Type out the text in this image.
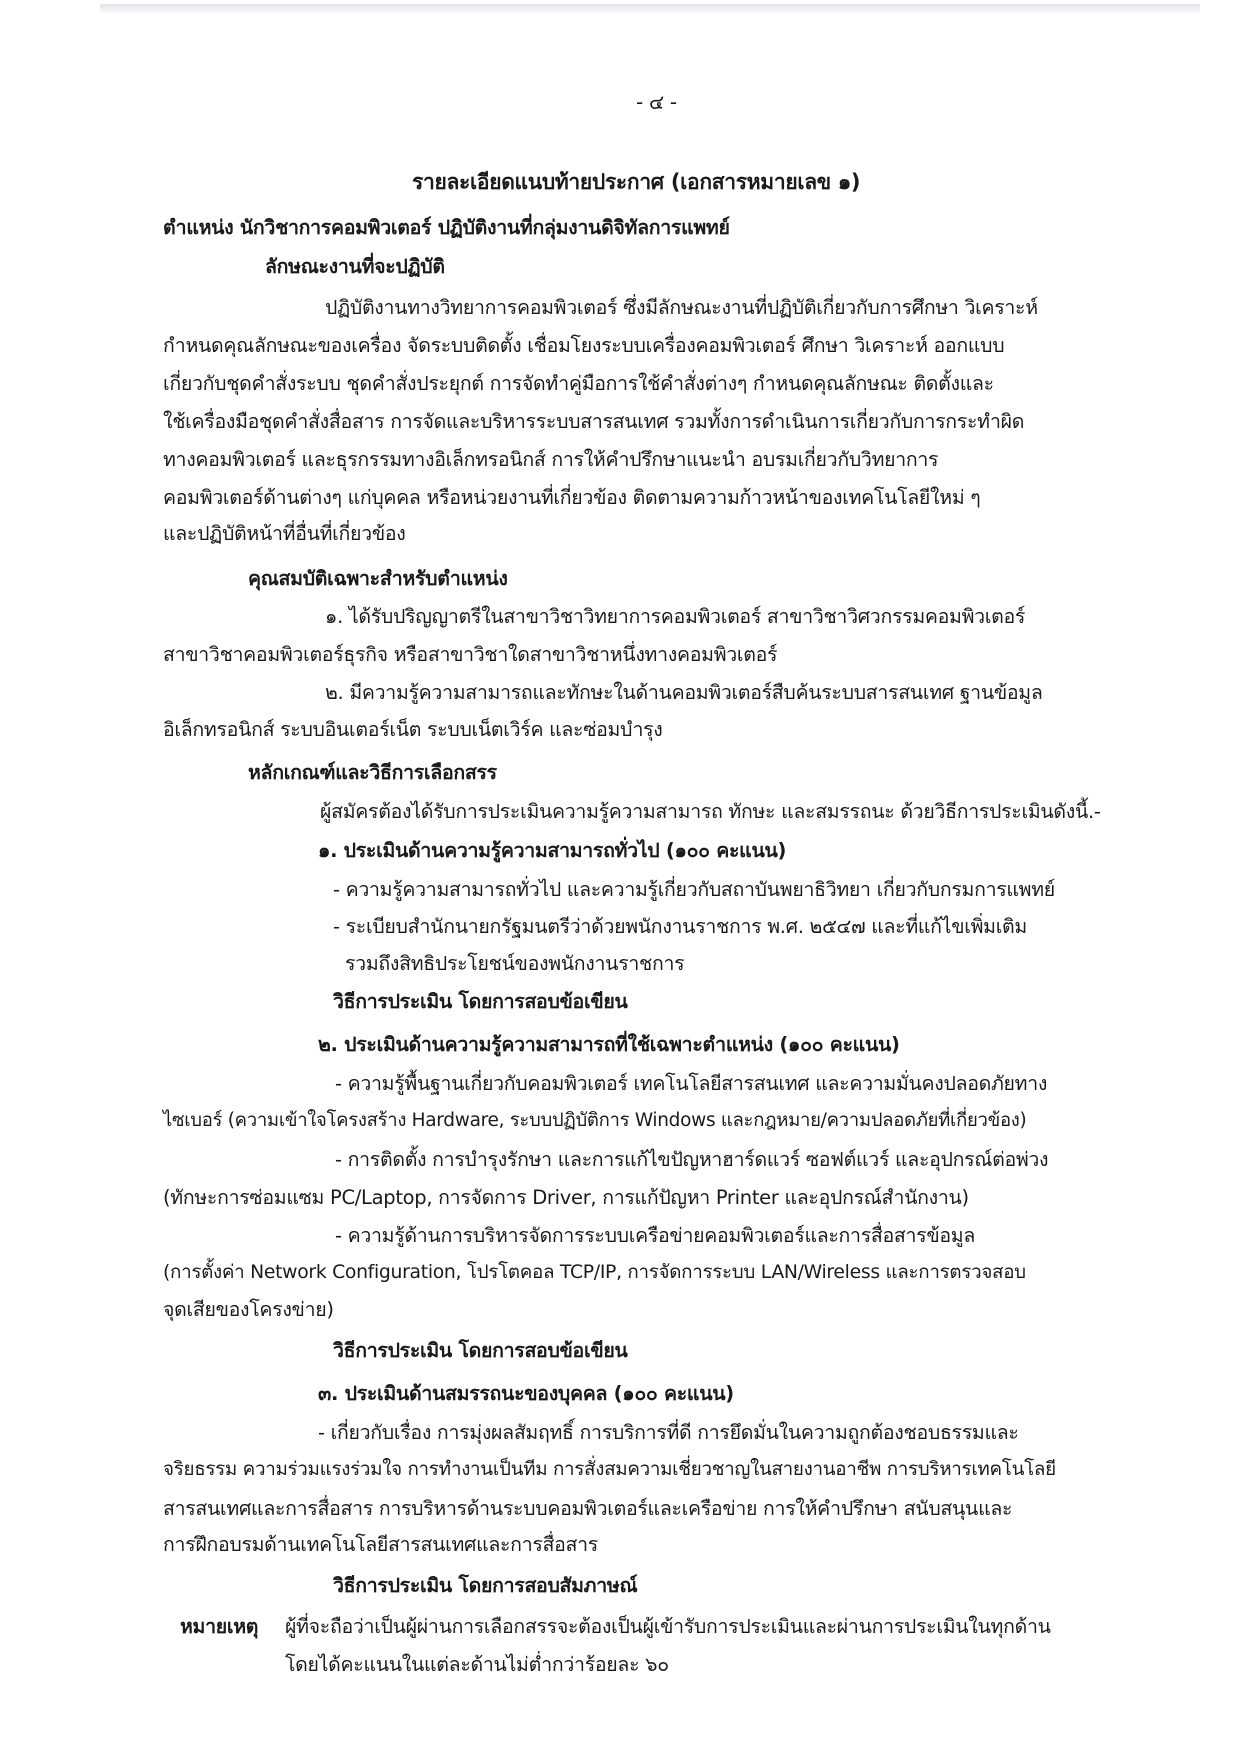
- ๔ -
รายละเอียดแนบท้ายประกาศ (เอกสารหมายเลข ๑)
ตำแหน่ง นักวิชาการคอมพิวเตอร์ ปฏิบัติงานที่กลุ่มงานดิจิทัลการแพทย์
ลักษณะงานที่จะปฏิบัติ
ปฏิบัติงานทางวิทยาการคอมพิวเตอร์ ซึ่งมีลักษณะงานที่ปฏิบัติเกี่ยวกับการศึกษา วิเคราะห์
กำหนดคุณลักษณะของเครื่อง จัดระบบติดตั้ง เชื่อมโยงระบบเครื่องคอมพิวเตอร์ ศึกษา วิเคราะห์ ออกแบบ
เกี่ยวกับชุดคำสั่งระบบ ชุดคำสั่งประยุกต์ การจัดทำคู่มือการใช้คำสั่งต่างๆ กำหนดคุณลักษณะ ติดตั้งและ
ใช้เครื่องมือชุดคำสั่งสื่อสาร การจัดและบริหารระบบสารสนเทศ รวมทั้งการดำเนินการเกี่ยวกับการกระทำผิด
ทางคอมพิวเตอร์ และธุรกรรมทางอิเล็กทรอนิกส์ การให้คำปรึกษาแนะนำ อบรมเกี่ยวกับวิทยาการ
คอมพิวเตอร์ด้านต่างๆ แก่บุคคล หรือหน่วยงานที่เกี่ยวข้อง ติดตามความก้าวหน้าของเทคโนโลยีใหม่ ๆ
และปฏิบัติหน้าที่อื่นที่เกี่ยวข้อง
คุณสมบัติเฉพาะสำหรับตำแหน่ง
๑. ได้รับปริญญาตรีในสาขาวิชาวิทยาการคอมพิวเตอร์ สาขาวิชาวิศวกรรมคอมพิวเตอร์
สาขาวิชาคอมพิวเตอร์ธุรกิจ หรือสาขาวิชาใดสาขาวิชาหนึ่งทางคอมพิวเตอร์
๒. มีความรู้ความสามารถและทักษะในด้านคอมพิวเตอร์สืบค้นระบบสารสนเทศ ฐานข้อมูล
อิเล็กทรอนิกส์ ระบบอินเตอร์เน็ต ระบบเน็ตเวิร์ค และซ่อมบำรุง
หลักเกณฑ์และวิธีการเลือกสรร
ผู้สมัครต้องได้รับการประเมินความรู้ความสามารถ ทักษะ และสมรรถนะ ด้วยวิธีการประเมินดังนี้.-
๑. ประเมินด้านความรู้ความสามารถทั่วไป (๑๐๐ คะแนน)
- ความรู้ความสามารถทั่วไป และความรู้เกี่ยวกับสถาบันพยาธิวิทยา เกี่ยวกับกรมการแพทย์
- ระเบียบสำนักนายกรัฐมนตรีว่าด้วยพนักงานราชการ พ.ศ. ๒๕๔๗ และที่แก้ไขเพิ่มเติม
รวมถึงสิทธิประโยชน์ของพนักงานราชการ
วิธีการประเมิน โดยการสอบข้อเขียน
๒. ประเมินด้านความรู้ความสามารถที่ใช้เฉพาะตำแหน่ง (๑๐๐ คะแนน)
- ความรู้พื้นฐานเกี่ยวกับคอมพิวเตอร์ เทคโนโลยีสารสนเทศ และความมั่นคงปลอดภัยทาง
ไซเบอร์ (ความเข้าใจโครงสร้าง Hardware, ระบบปฏิบัติการ Windows และกฎหมาย/ความปลอดภัยที่เกี่ยวข้อง)
- การติดตั้ง การบำรุงรักษา และการแก้ไขปัญหาฮาร์ดแวร์ ซอฟต์แวร์ และอุปกรณ์ต่อพ่วง
(ทักษะการซ่อมแซม PC/Laptop, การจัดการ Driver, การแก้ปัญหา Printer และอุปกรณ์สำนักงาน)
- ความรู้ด้านการบริหารจัดการระบบเครือข่ายคอมพิวเตอร์และการสื่อสารข้อมูล
(การตั้งค่า Network Configuration, โปรโตคอล TCP/IP, การจัดการระบบ LAN/Wireless และการตรวจสอบ
จุดเสียของโครงข่าย)
วิธีการประเมิน โดยการสอบข้อเขียน
๓. ประเมินด้านสมรรถนะของบุคคล (๑๐๐ คะแนน)
- เกี่ยวกับเรื่อง การมุ่งผลสัมฤทธิ์ การบริการที่ดี การยึดมั่นในความถูกต้องชอบธรรมและ
จริยธรรม ความร่วมแรงร่วมใจ การทำงานเป็นทีม การสั่งสมความเชี่ยวชาญในสายงานอาชีพ การบริหารเทคโนโลยี
สารสนเทศและการสื่อสาร การบริหารด้านระบบคอมพิวเตอร์และเครือข่าย การให้คำปรึกษา สนับสนุนและ
การฝึกอบรมด้านเทคโนโลยีสารสนเทศและการสื่อสาร
วิธีการประเมิน โดยการสอบสัมภาษณ์
หมายเหตุ ผู้ที่จะถือว่าเป็นผู้ผ่านการเลือกสรรจะต้องเป็นผู้เข้ารับการประเมินและผ่านการประเมินในทุกด้าน
โดยได้คะแนนในแต่ละด้านไม่ต่ำกว่าร้อยละ ๖๐
